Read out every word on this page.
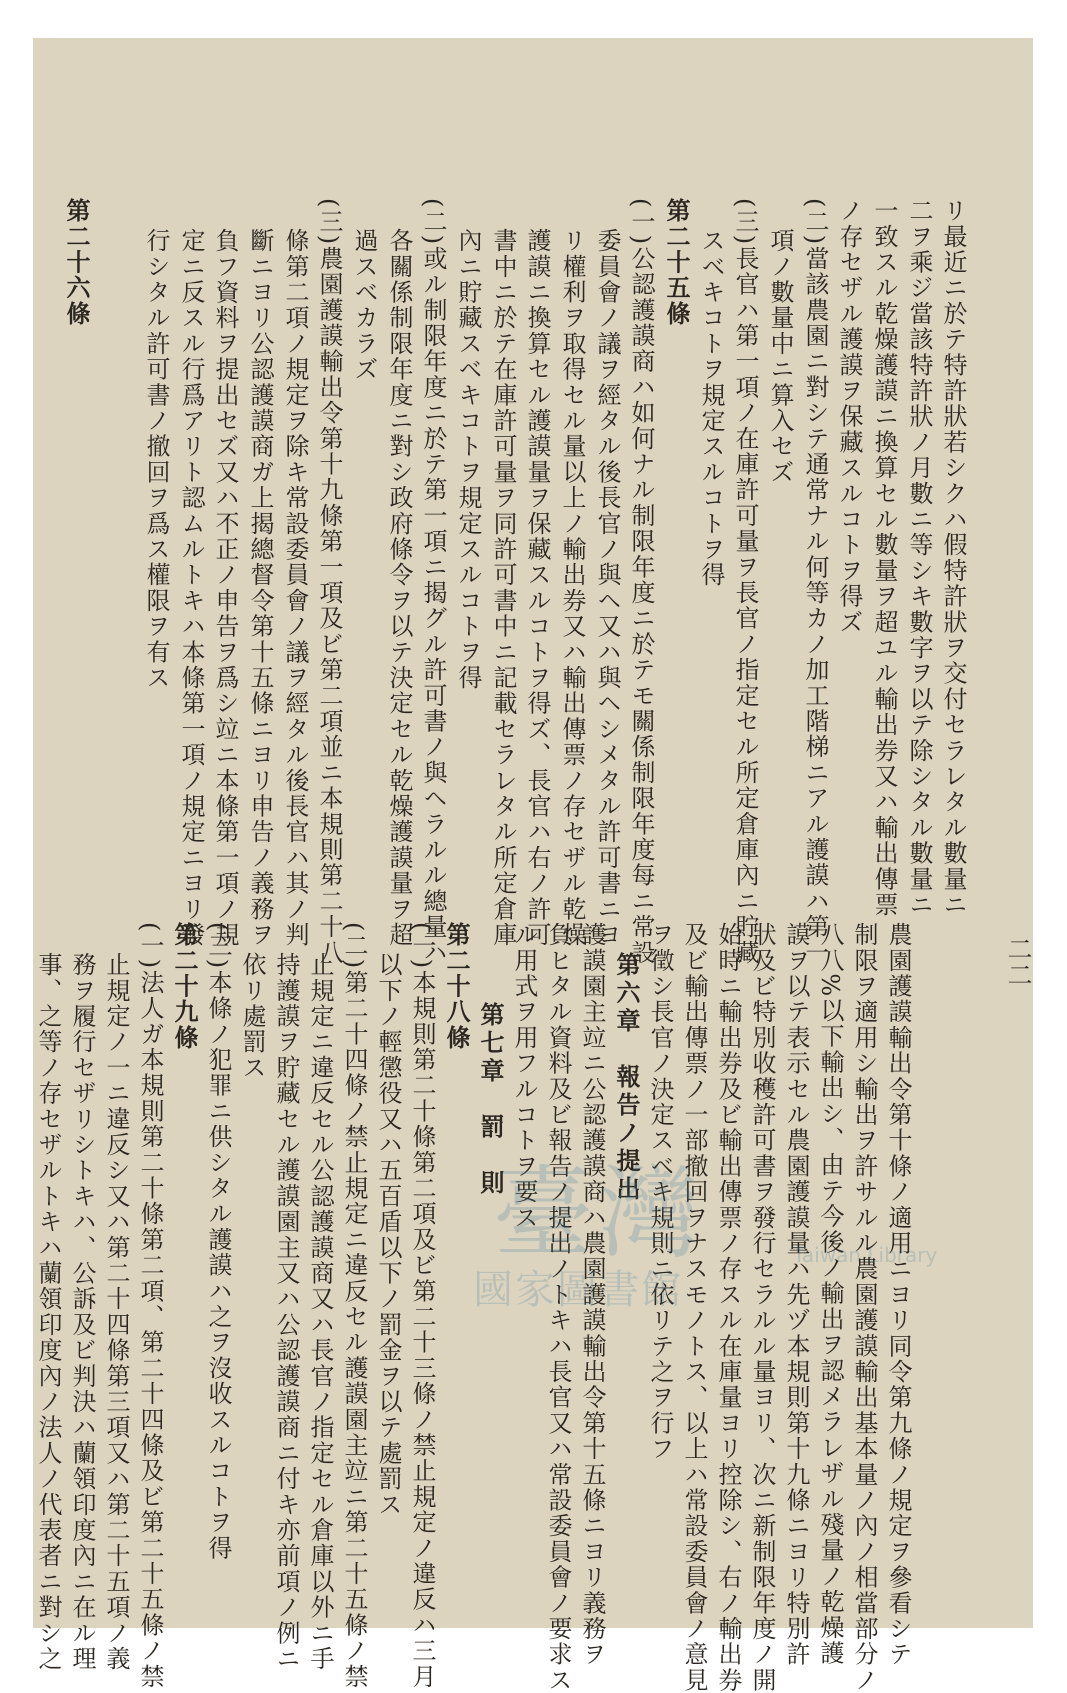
二二
リ最近ニ於テ特許狀若シクハ假特許狀ヲ交付セラレタル數量ニ
二ヲ乘ジ當該特許狀ノ月數ニ等シキ數字ヲ以テ除シタル數量ニ
一致スル乾燥護謨ニ換算セル數量ヲ超ユル輸出券又ハ輸出傳票
ノ存セザル護謨ヲ保藏スルコトヲ得ズ
(二)當該農園ニ對シテ通常ナル何等カノ加工階梯ニアル護謨ハ第一
項ノ數量中ニ算入セズ
(三)長官ハ第一項ノ在庫許可量ヲ長官ノ指定セル所定倉庫內ニ貯藏
スベキコトヲ規定スルコトヲ得
第二十五條
(一)公認護謨商ハ如何ナル制限年度ニ於テモ關係制限年度每ニ常設
委員會ノ議ヲ經タル後長官ノ與ヘ又ハ與ヘシメタル許可書ニヨ
リ權利ヲ取得セル量以上ノ輸出券又ハ輸出傳票ノ存セザル乾燥
護謨ニ換算セル護謨量ヲ保藏スルコトヲ得ズ、長官ハ右ノ許可
書中ニ於テ在庫許可量ヲ同許可書中ニ記載セラレタル所定倉庫
內ニ貯藏スベキコトヲ規定スルコトヲ得
(二)或ル制限年度ニ於テ第一項ニ揭グル許可書ノ與ヘラルル總量ハ
各關係制限年度ニ對シ政府條令ヲ以テ決定セル乾燥護謨量ヲ超
過スベカラズ
(三)農園護謨輸出令第十九條第一項及ビ第二項並ニ本規則第二十八
條第二項ノ規定ヲ除キ常設委員會ノ議ヲ經タル後長官ハ其ノ判
斷ニヨリ公認護謨商ガ上揭總督令第十五條ニヨリ申告ノ義務ヲ
負フ資料ヲ提出セズ又ハ不正ノ申告ヲ爲シ竝ニ本條第一項ノ規
定ニ反スル行爲アリト認ムルトキハ本條第一項ノ規定ニヨリ發
行シタル許可書ノ撤回ヲ爲ス權限ヲ有ス
第二十六條
農園護謨輸出令第十條ノ適用ニヨリ同令第九條ノ規定ヲ參看シテ
制限ヲ適用シ輸出ヲ許サルル農園護謨輸出基本量ノ內ノ相當部分ノ
八八%以下輸出シ、由テ今後ノ輸出ヲ認メラレザル殘量ノ乾燥護
謨ヲ以テ表示セル農園護謨量ハ先ヅ本規則第十九條ニヨリ特別許
狀及ビ特別收穫許可書ヲ發行セラルル量ヨリ、次ニ新制限年度ノ開
始時ニ輸出券及ビ輸出傳票ノ存スル在庫量ヨリ控除シ、右ノ輸出券
及ビ輸出傳票ノ一部撤回ヲナスモノトス、以上ハ常設委員會ノ意見
ヲ徵シ長官ノ決定スベキ規則ニ依リテ之ヲ行フ
第六章　報告ノ提出
護謨園主竝ニ公認護謨商ハ農園護謨輸出令第十五條ニヨリ義務ヲ
負ヒタル資料及ビ報告ノ提出ノトキハ長官又ハ常設委員會ノ要求ス
ル用式ヲ用フルコトヲ要ス
第七章　罰　則
第二十八條
(一)本規則第二十條第二項及ビ第二十三條ノ禁止規定ノ違反ハ三月
以下ノ輕懲役又ハ五百盾以下ノ罰金ヲ以テ處罰ス
(二)第二十四條ノ禁止規定ニ違反セル護謨園主竝ニ第二十五條ノ禁
止規定ニ違反セル公認護謨商又ハ長官ノ指定セル倉庫以外ニ手
持護謨ヲ貯藏セル護謨園主又ハ公認護謨商ニ付キ亦前項ノ例ニ
依リ處罰ス
(三)本條ノ犯罪ニ供シタル護謨ハ之ヲ沒收スルコトヲ得
第二十九條
(一)法人ガ本規則第二十條第二項、第二十四條及ビ第二十五條ノ禁
止規定ノ一ニ違反シ又ハ第二十四條第三項又ハ第二十五項ノ義
務ヲ履行セザリシトキハ、公訴及ビ判決ハ蘭領印度內ニ在ル理
事、之等ノ存セザルトキハ蘭領印度內ノ法人ノ代表者ニ對シ之	臺灣
國家圖書館
Taiwan Library
